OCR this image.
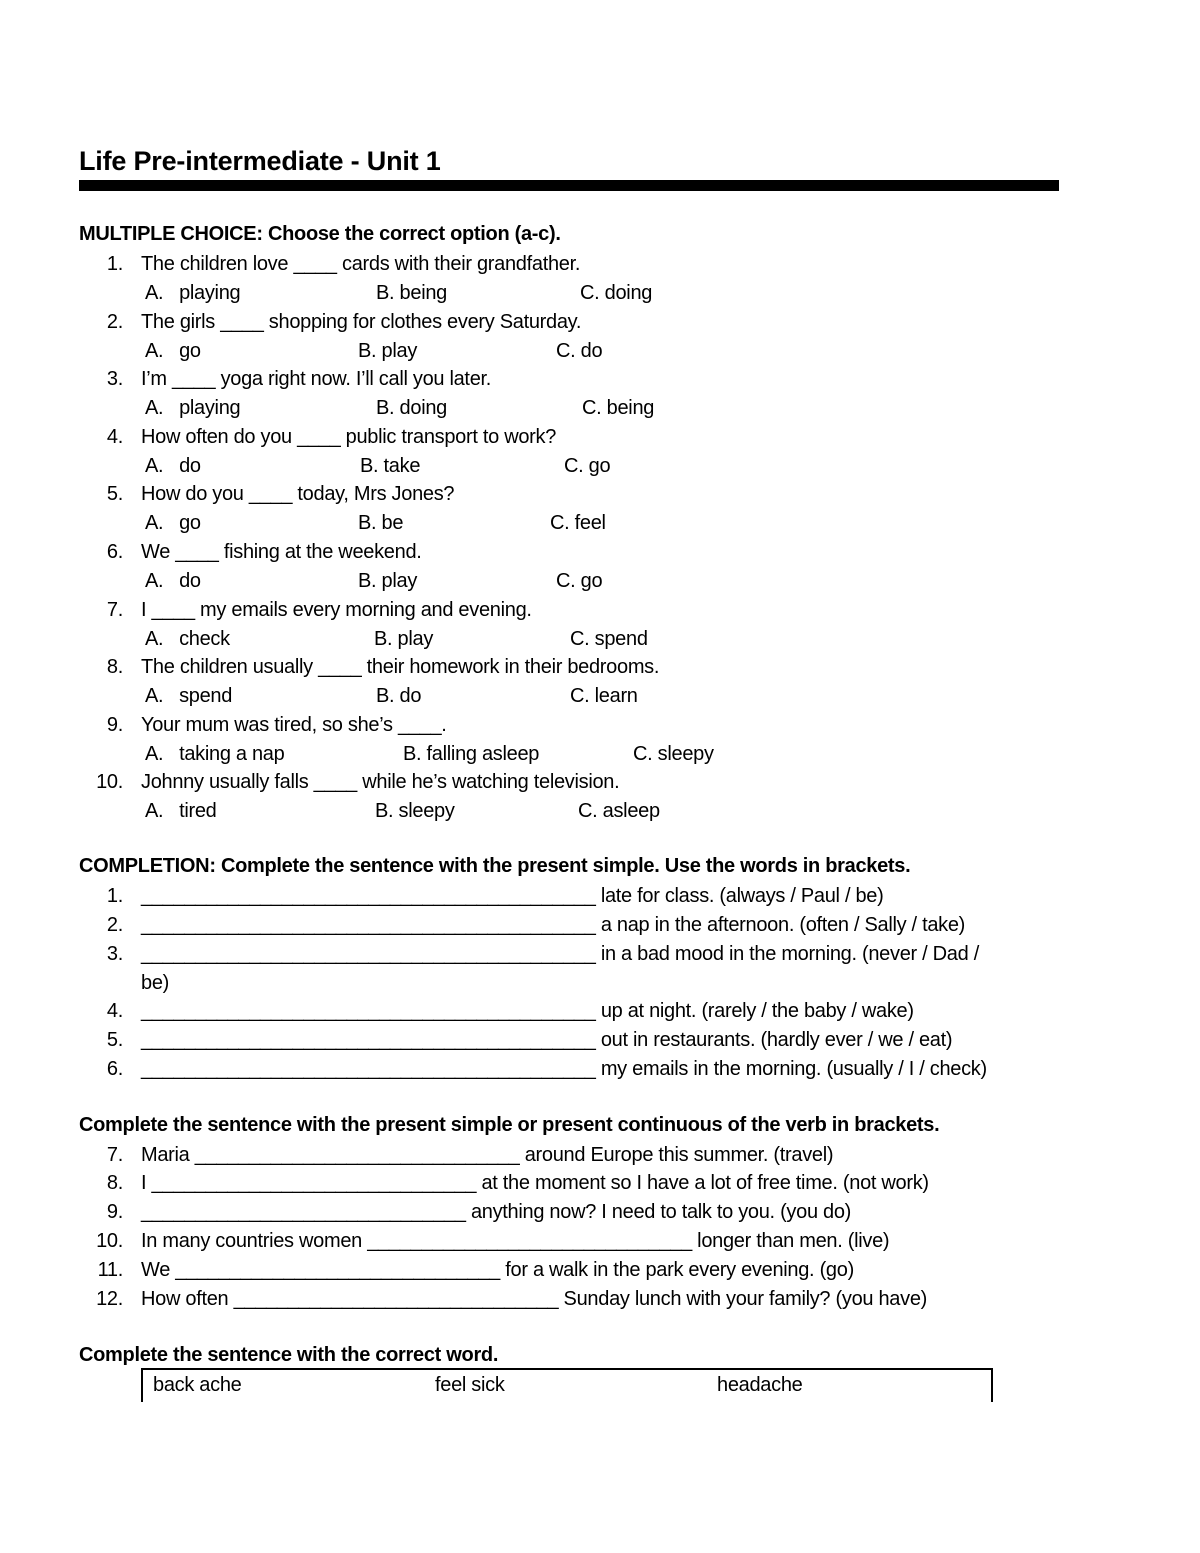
Life Pre-intermediate - Unit 1
MULTIPLE CHOICE: Choose the correct option (a-c).
1. The children love ____ cards with their grandfather.
A.   playing	B. being	C. doing
2. The girls ____ shopping for clothes every Saturday.
A.   go	B. play	C. do
3. I’m ____ yoga right now. I’ll call you later.
A.   playing	B. doing	C. being
4. How often do you ____ public transport to work?
A.   do	B. take	C. go
5. How do you ____ today, Mrs Jones?
A.   go	B. be	C. feel
6. We ____ fishing at the weekend.
A.   do	B. play	C. go
7. I ____ my emails every morning and evening.
A.   check	B. play	C. spend
8. The children usually ____ their homework in their bedrooms.
A.   spend	B. do	C. learn
9. Your mum was tired, so she’s ____.
A.   taking a nap	B. falling asleep	C. sleepy
10. Johnny usually falls ____ while he’s watching television.
A.   tired	B. sleepy	C. asleep
COMPLETION: Complete the sentence with the present simple. Use the words in brackets.
1. __________________________________________ late for class. (always / Paul / be)
2. __________________________________________ a nap in the afternoon. (often / Sally / take)
3. __________________________________________ in a bad mood in the morning. (never / Dad /
be)
4. __________________________________________ up at night. (rarely / the baby / wake)
5. __________________________________________ out in restaurants. (hardly ever / we / eat)
6. __________________________________________ my emails in the morning. (usually / I / check)
Complete the sentence with the present simple or present continuous of the verb in brackets.
7. Maria ______________________________ around Europe this summer. (travel)
8. I ______________________________ at the moment so I have a lot of free time. (not work)
9. ______________________________ anything now? I need to talk to you. (you do)
10. In many countries women ______________________________ longer than men. (live)
11. We ______________________________ for a walk in the park every evening. (go)
12. How often ______________________________ Sunday lunch with your family? (you have)
Complete the sentence with the correct word.
back ache	feel sick	headache
